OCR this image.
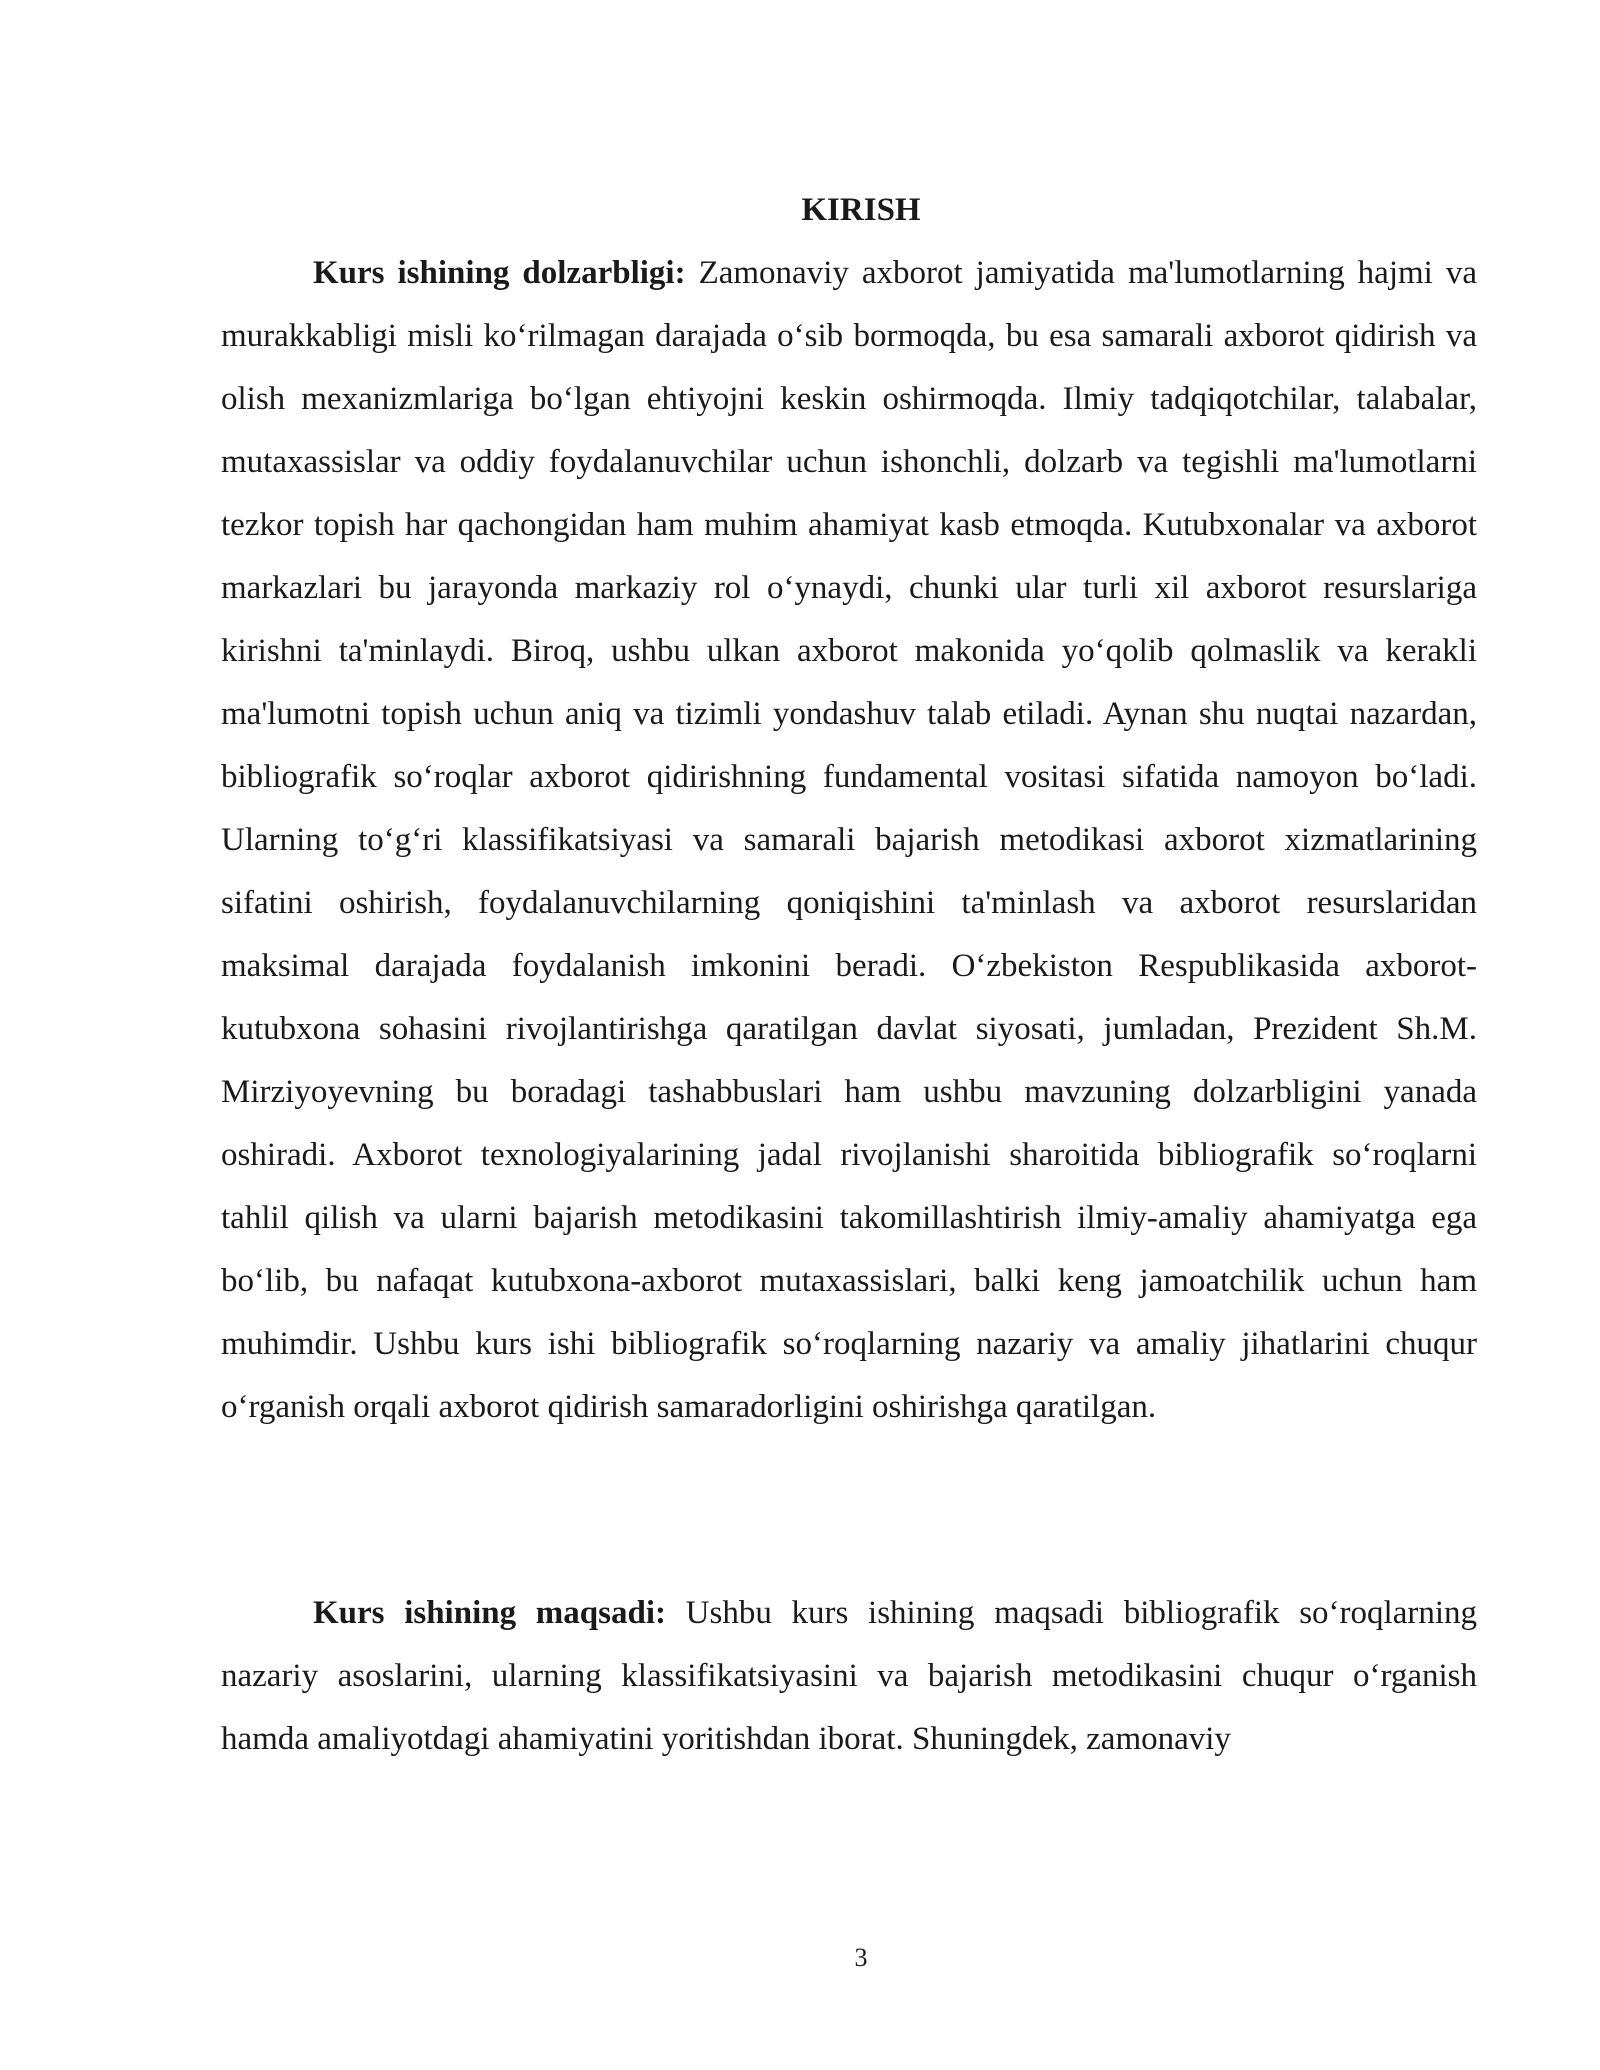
KIRISH

Kurs ishining dolzarbligi: Zamonaviy axborot jamiyatida ma'lumotlarning hajmi va murakkabligi misli ko‘rilmagan darajada o‘sib bormoqda, bu esa samarali axborot qidirish va olish mexanizmlariga bo‘lgan ehtiyojni keskin oshirmoqda. Ilmiy tadqiqotchilar, talabalar, mutaxassislar va oddiy foydalanuvchilar uchun ishonchli, dolzarb va tegishli ma'lumotlarni tezkor topish har qachongidan ham muhim ahamiyat kasb etmoqda. Kutubxonalar va axborot markazlari bu jarayonda markaziy rol o‘ynaydi, chunki ular turli xil axborot resurslariga kirishni ta'minlaydi. Biroq, ushbu ulkan axborot makonida yo‘qolib qolmaslik va kerakli ma'lumotni topish uchun aniq va tizimli yondashuv talab etiladi. Aynan shu nuqtai nazardan, bibliografik so‘roqlar axborot qidirishning fundamental vositasi sifatida namoyon bo‘ladi. Ularning to‘g‘ri klassifikatsiyasi va samarali bajarish metodikasi axborot xizmatlarining sifatini oshirish, foydalanuvchilarning qoniqishini ta'minlash va axborot resurslaridan maksimal darajada foydalanish imkonini beradi. O‘zbekiston Respublikasida axborot-kutubxona sohasini rivojlantirishga qaratilgan davlat siyosati, jumladan, Prezident Sh.M. Mirziyoyevning bu boradagi tashabbuslari ham ushbu mavzuning dolzarbligini yanada oshiradi. Axborot texnologiyalarining jadal rivojlanishi sharoitida bibliografik so‘roqlarni tahlil qilish va ularni bajarish metodikasini takomillashtirish ilmiy-amaliy ahamiyatga ega bo‘lib, bu nafaqat kutubxona-axborot mutaxassislari, balki keng jamoatchilik uchun ham muhimdir. Ushbu kurs ishi bibliografik so‘roqlarning nazariy va amaliy jihatlarini chuqur o‘rganish orqali axborot qidirish samaradorligini oshirishga qaratilgan.

Kurs ishining maqsadi: Ushbu kurs ishining maqsadi bibliografik so‘roqlarning nazariy asoslarini, ularning klassifikatsiyasini va bajarish metodikasini chuqur o‘rganish hamda amaliyotdagi ahamiyatini yoritishdan iborat. Shuningdek, zamonaviy

3
